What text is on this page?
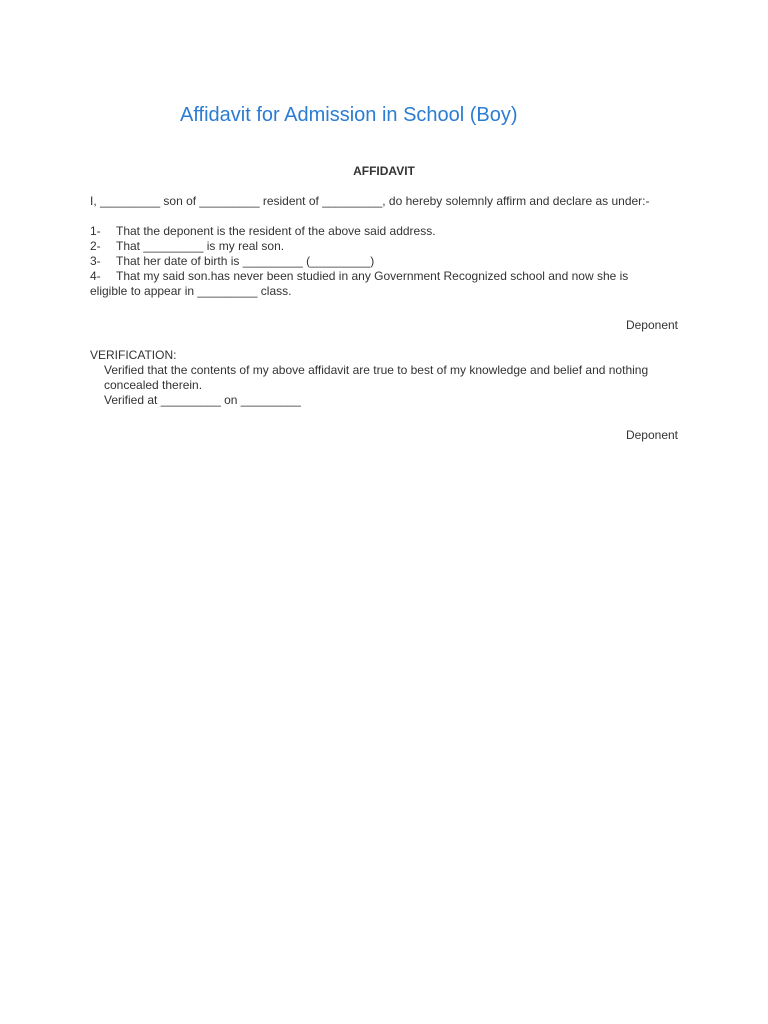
Affidavit for Admission in School (Boy)
AFFIDAVIT
I, _________ son of _________ resident of _________, do hereby solemnly affirm and declare as under:-
1- That the deponent is the resident of the above said address.
2- That _________ is my real son.
3- That her date of birth is _________ (_________)
4- That my said son.has never been studied in any Government Recognized school and now she is
eligible to appear in _________ class.
Deponent
VERIFICATION:
Verified that the contents of my above affidavit are true to best of my knowledge and belief and nothing concealed therein.
Verified at _________ on _________
Deponent
